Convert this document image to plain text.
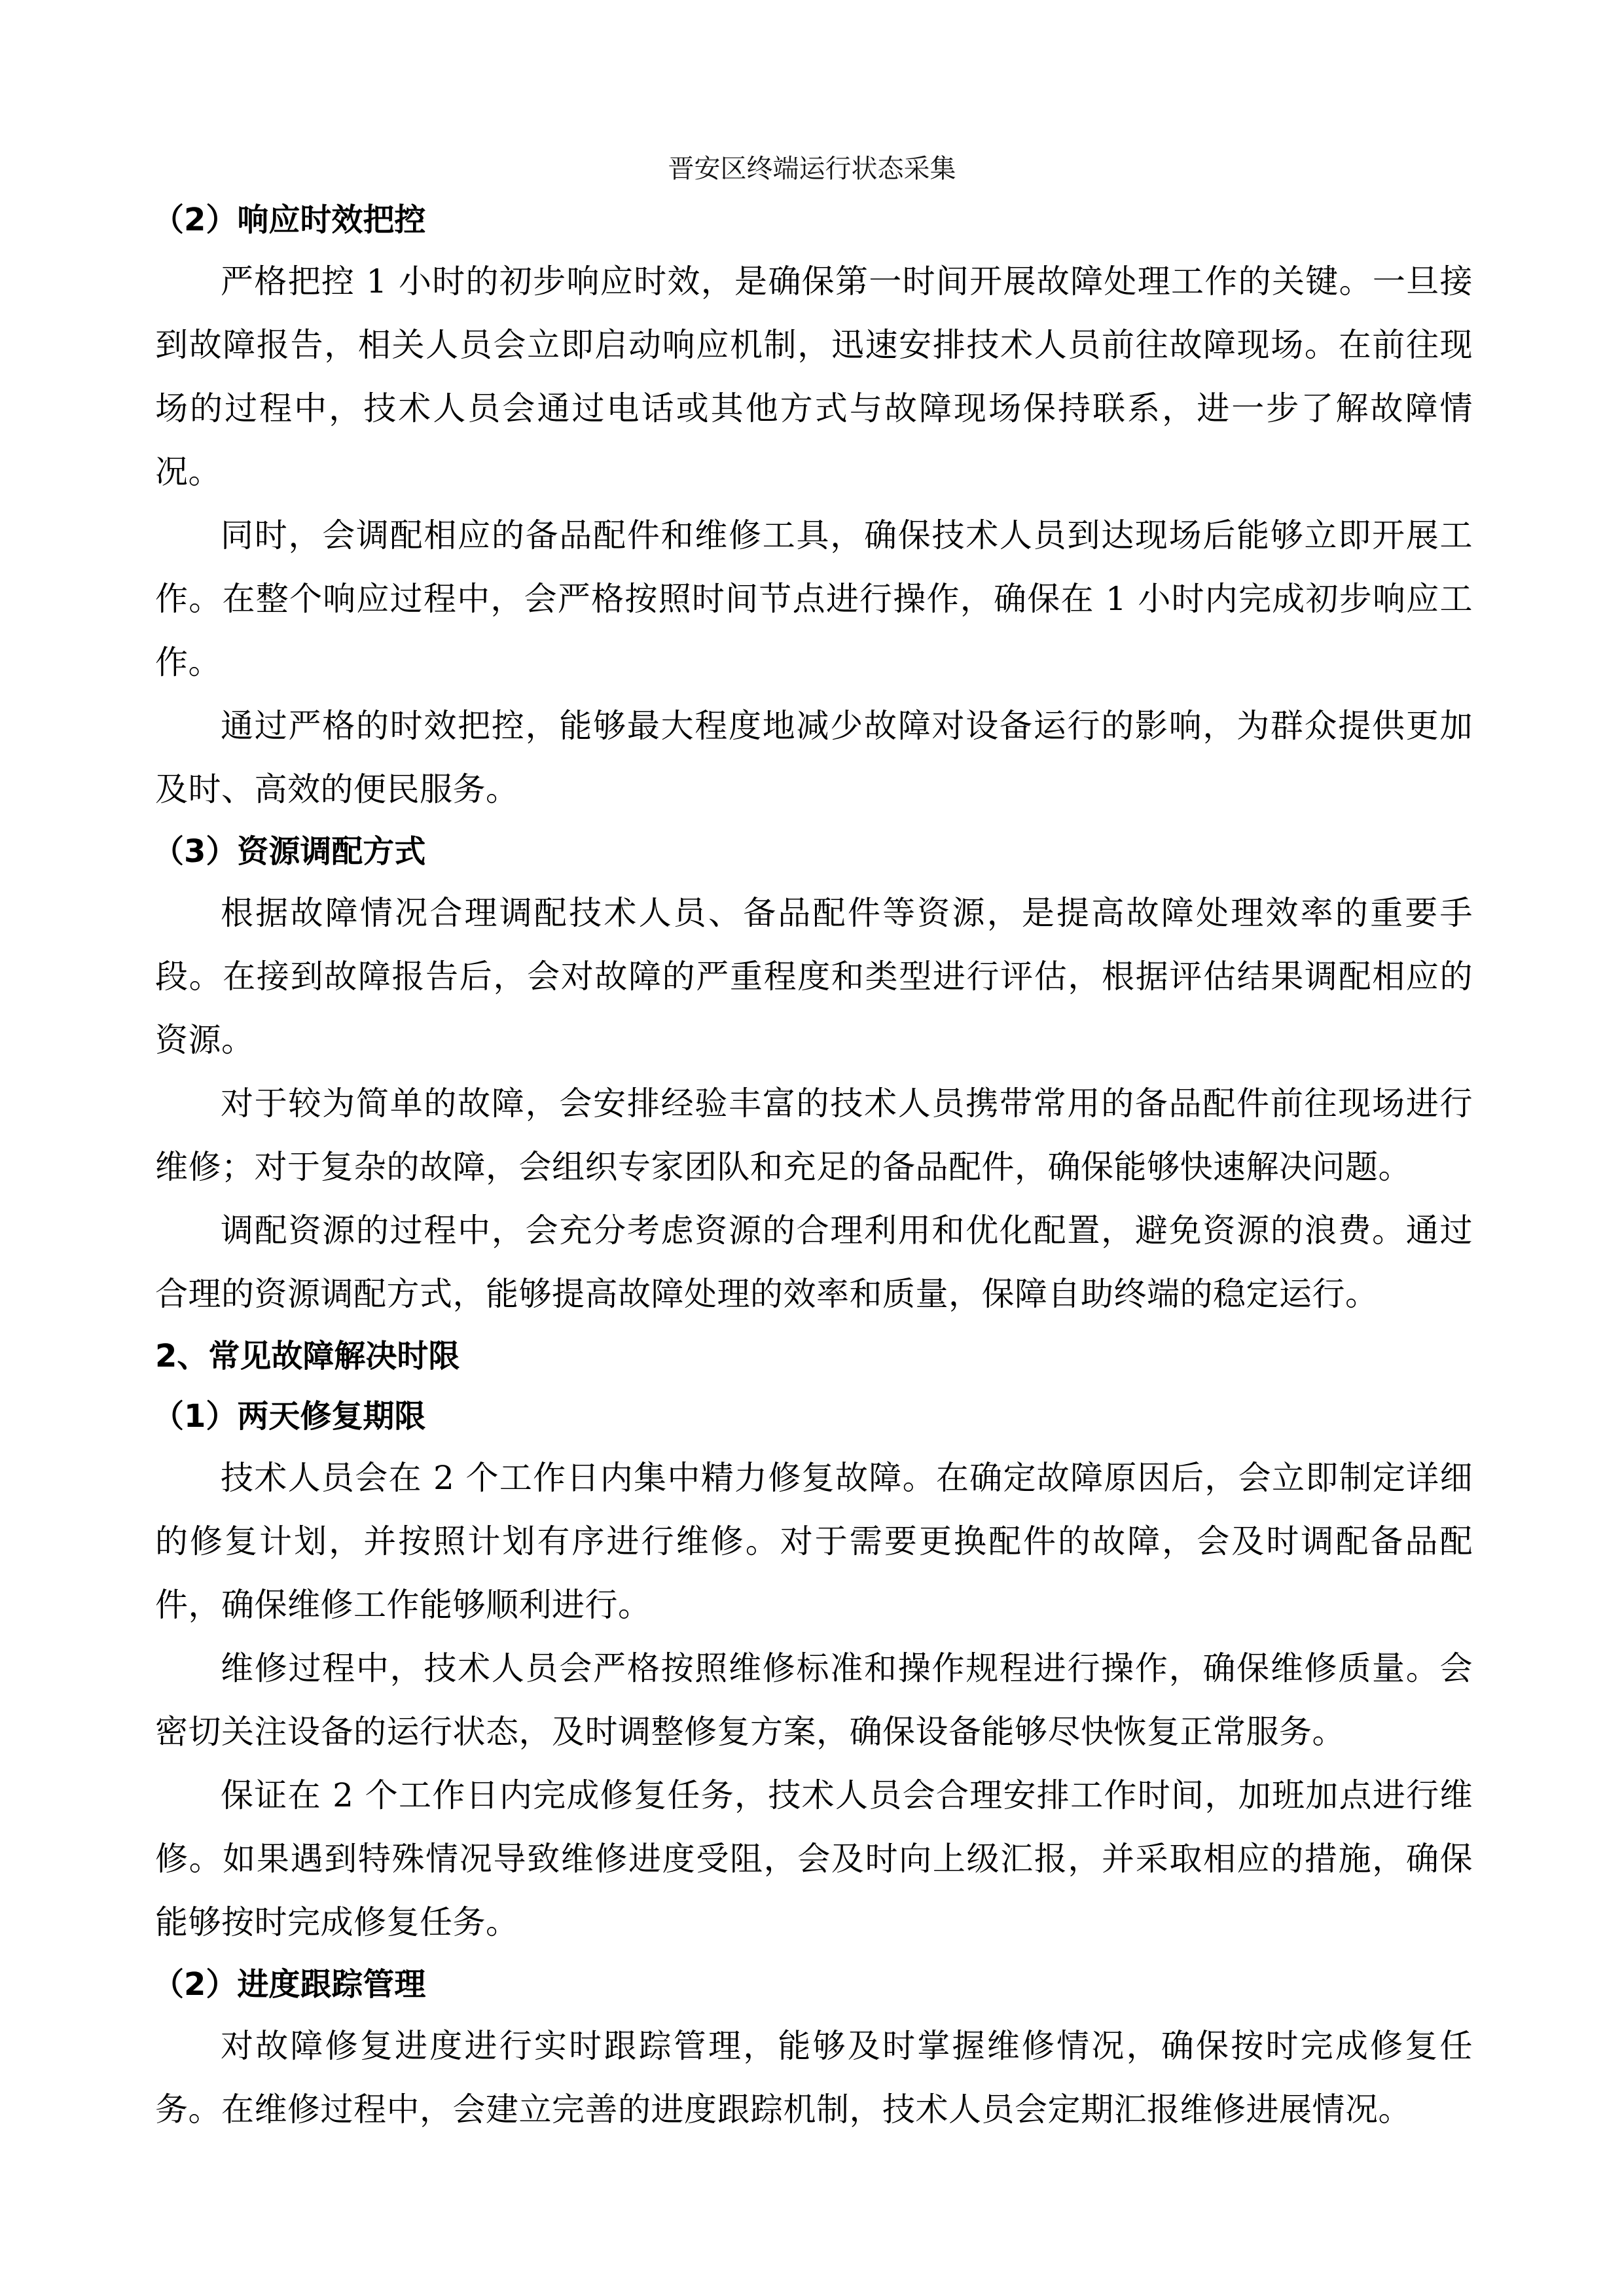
晋安区终端运行状态采集
（2）响应时效把控

严格把控 1 小时的初步响应时效，是确保第一时间开展故障处理工作的关键。一旦接到故障报告，相关人员会立即启动响应机制，迅速安排技术人员前往故障现场。在前往现场的过程中，技术人员会通过电话或其他方式与故障现场保持联系，进一步了解故障情况。

同时，会调配相应的备品配件和维修工具，确保技术人员到达现场后能够立即开展工作。在整个响应过程中，会严格按照时间节点进行操作，确保在 1 小时内完成初步响应工作。

通过严格的时效把控，能够最大程度地减少故障对设备运行的影响，为群众提供更加及时、高效的便民服务。

（3）资源调配方式

根据故障情况合理调配技术人员、备品配件等资源，是提高故障处理效率的重要手段。在接到故障报告后，会对故障的严重程度和类型进行评估，根据评估结果调配相应的资源。

对于较为简单的故障，会安排经验丰富的技术人员携带常用的备品配件前往现场进行维修；对于复杂的故障，会组织专家团队和充足的备品配件，确保能够快速解决问题。

调配资源的过程中，会充分考虑资源的合理利用和优化配置，避免资源的浪费。通过合理的资源调配方式，能够提高故障处理的效率和质量，保障自助终端的稳定运行。

2、常见故障解决时限
（1）两天修复期限

技术人员会在 2 个工作日内集中精力修复故障。在确定故障原因后，会立即制定详细的修复计划，并按照计划有序进行维修。对于需要更换配件的故障，会及时调配备品配件，确保维修工作能够顺利进行。

维修过程中，技术人员会严格按照维修标准和操作规程进行操作，确保维修质量。会密切关注设备的运行状态，及时调整修复方案，确保设备能够尽快恢复正常服务。

保证在 2 个工作日内完成修复任务，技术人员会合理安排工作时间，加班加点进行维修。如果遇到特殊情况导致维修进度受阻，会及时向上级汇报，并采取相应的措施，确保能够按时完成修复任务。

（2）进度跟踪管理

对故障修复进度进行实时跟踪管理，能够及时掌握维修情况，确保按时完成修复任务。在维修过程中，会建立完善的进度跟踪机制，技术人员会定期汇报维修进展情况。
